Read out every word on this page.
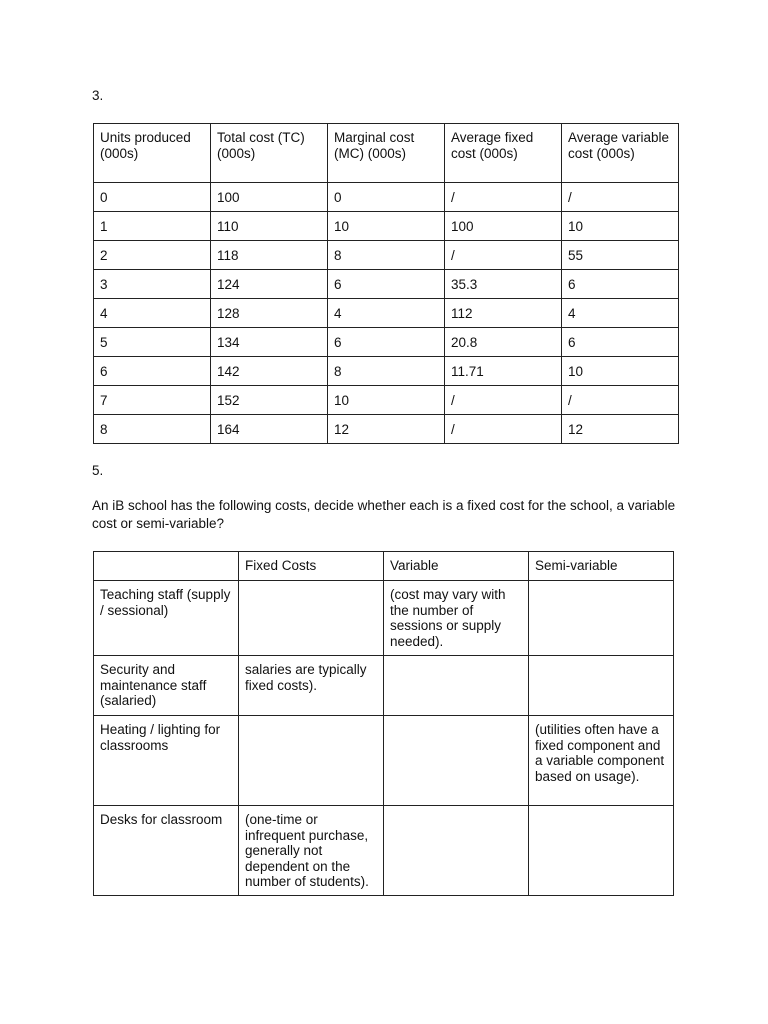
3.

Units produced (000s)	Total cost (TC) (000s)	Marginal cost (MC) (000s)	Average fixed cost (000s)	Average variable cost (000s)
0	100	0	/	/
1	110	10	100	10
2	118	8	/	55
3	124	6	35.3	6
4	128	4	112	4
5	134	6	20.8	6
6	142	8	11.71	10
7	152	10	/	/
8	164	12	/	12

5.

An iB school has the following costs, decide whether each is a fixed cost for the school, a variable cost or semi-variable?

	Fixed Costs	Variable	Semi-variable
Teaching staff (supply / sessional)		(cost may vary with the number of sessions or supply needed).	
Security and maintenance staff (salaried)	salaries are typically fixed costs).		
Heating / lighting for classrooms			(utilities often have a fixed component and a variable component based on usage).
Desks for classroom	(one-time or infrequent purchase, generally not dependent on the number of students).		
